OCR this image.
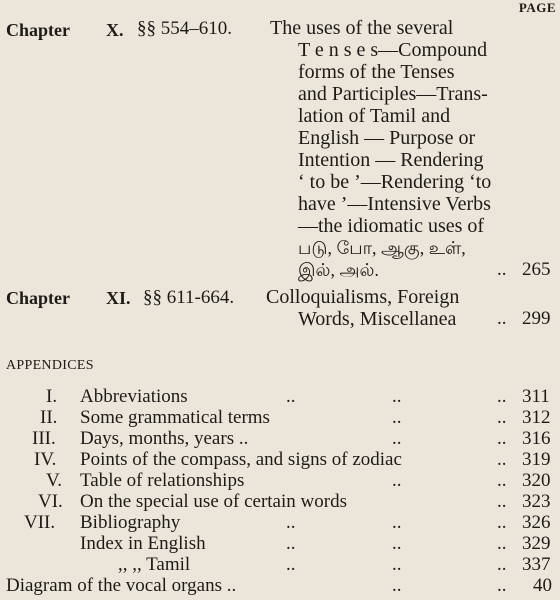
PAGE
Chapter X. §§ 554–610. The uses of the several
T e n s e s—Compound
forms of the Tenses
and Participles—Trans-
lation of Tamil and
English — Purpose or
Intention — Rendering
‘ to be ’—Rendering ‘to
have ’—Intensive Verbs
—the idiomatic uses of
படு, போ, ஆகு, உள்,
இல், அல்.	.. 265
Chapter XI. §§ 611-664. Colloquialisms, Foreign
Words, Miscellanea .. 299
APPENDICES
I. Abbreviations	..	..	.. 311
II. Some grammatical terms	..	.. 312
III. Days, months, years ..	..	.. 316
IV. Points of the compass, and signs of zodiac	.. 319
V. Table of relationships	..	.. 320
VI. On the special use of certain words	.. 323
VII. Bibliography	..	..	.. 326
Index in English	..	..	.. 329
,, ,, Tamil	..	..	.. 337
Diagram of the vocal organs ..	..	.. 40
